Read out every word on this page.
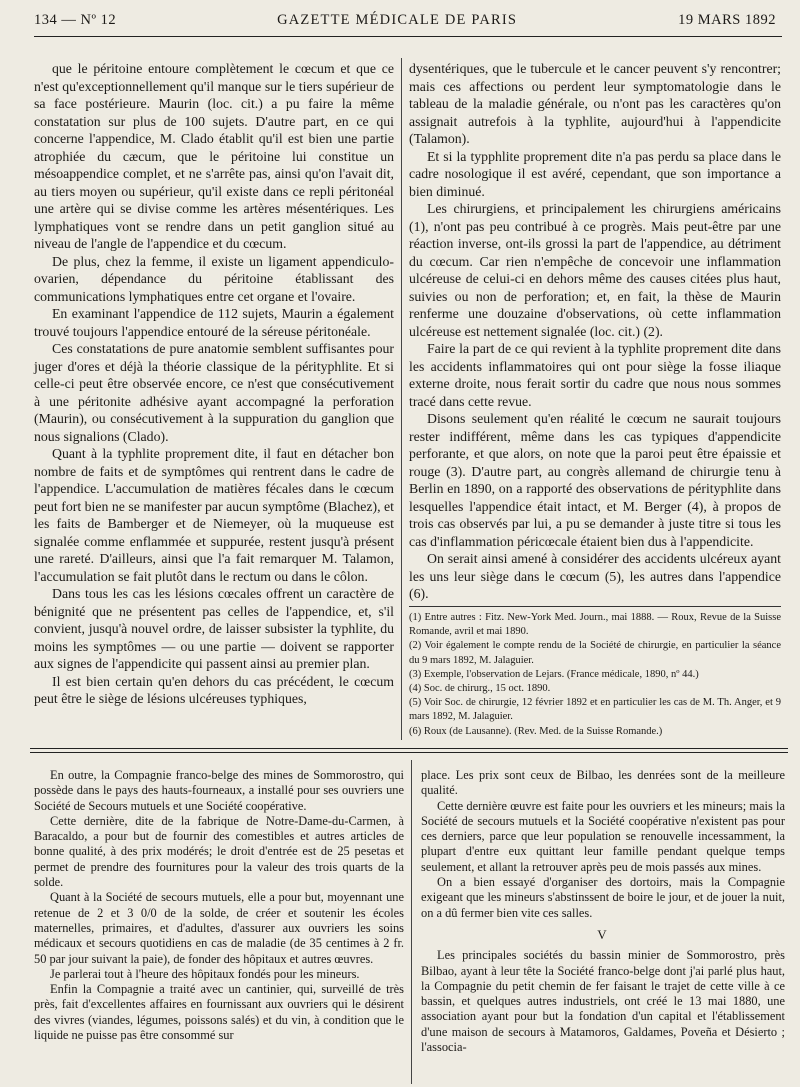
134 — Nº 12	GAZETTE MÉDICALE DE PARIS	19 MARS 1892

que le péritoine entoure complètement le cœcum et que ce n'est qu'exceptionnellement qu'il manque sur le tiers supérieur de sa face postérieure. Maurin (loc. cit.) a pu faire la même constatation sur plus de 100 sujets. D'autre part, en ce qui concerne l'appendice, M. Clado établit qu'il est bien une partie atrophiée du cæcum, que le péritoine lui constitue un mésoappendice complet, et ne s'arrête pas, ainsi qu'on l'avait dit, au tiers moyen ou supérieur, qu'il existe dans ce repli péritonéal une artère qui se divise comme les artères mésentériques. Les lymphatiques vont se rendre dans un petit ganglion situé au niveau de l'angle de l'appendice et du cœcum.

De plus, chez la femme, il existe un ligament appendiculo-ovarien, dépendance du péritoine établissant des communications lymphatiques entre cet organe et l'ovaire.

En examinant l'appendice de 112 sujets, Maurin a également trouvé toujours l'appendice entouré de la séreuse péritonéale.

Ces constatations de pure anatomie semblent suffisantes pour juger d'ores et déjà la théorie classique de la pérityphlite. Et si celle-ci peut être observée encore, ce n'est que consécutivement à une péritonite adhésive ayant accompagné la perforation (Maurin), ou consécutivement à la suppuration du ganglion que nous signalions (Clado).

Quant à la typhlite proprement dite, il faut en détacher bon nombre de faits et de symptômes qui rentrent dans le cadre de l'appendice. L'accumulation de matières fécales dans le cœcum peut fort bien ne se manifester par aucun symptôme (Blachez), et les faits de Bamberger et de Niemeyer, où la muqueuse est signalée comme enflammée et suppurée, restent jusqu'à présent une rareté. D'ailleurs, ainsi que l'a fait remarquer M. Talamon, l'accumulation se fait plutôt dans le rectum ou dans le côlon.

Dans tous les cas les lésions cœcales offrent un caractère de bénignité que ne présentent pas celles de l'appendice, et, s'il convient, jusqu'à nouvel ordre, de laisser subsister la typhlite, du moins les symptômes — ou une partie — doivent se rapporter aux signes de l'appendicite qui passent ainsi au premier plan.

Il est bien certain qu'en dehors du cas précédent, le cœcum peut être le siège de lésions ulcéreuses typhiques,

dysentériques, que le tubercule et le cancer peuvent s'y rencontrer; mais ces affections ou perdent leur symptomatologie dans le tableau de la maladie générale, ou n'ont pas les caractères qu'on assignait autrefois à la typhlite, aujourd'hui à l'appendicite (Talamon).

Et si la typphlite proprement dite n'a pas perdu sa place dans le cadre nosologique il est avéré, cependant, que son importance a bien diminué.

Les chirurgiens, et principalement les chirurgiens américains (1), n'ont pas peu contribué à ce progrès. Mais peut-être par une réaction inverse, ont-ils grossi la part de l'appendice, au détriment du cœcum. Car rien n'empêche de concevoir une inflammation ulcéreuse de celui-ci en dehors même des causes citées plus haut, suivies ou non de perforation; et, en fait, la thèse de Maurin renferme une douzaine d'observations, où cette inflammation ulcéreuse est nettement signalée (loc. cit.) (2).

Faire la part de ce qui revient à la typhlite proprement dite dans les accidents inflammatoires qui ont pour siège la fosse iliaque externe droite, nous ferait sortir du cadre que nous nous sommes tracé dans cette revue.

Disons seulement qu'en réalité le cœcum ne saurait toujours rester indifférent, même dans les cas typiques d'appendicite perforante, et que alors, on note que la paroi peut être épaissie et rouge (3). D'autre part, au congrès allemand de chirurgie tenu à Berlin en 1890, on a rapporté des observations de pérityphlite dans lesquelles l'appendice était intact, et M. Berger (4), à propos de trois cas observés par lui, a pu se demander à juste titre si tous les cas d'inflammation péricœcale étaient bien dus à l'appendicite.

On serait ainsi amené à considérer des accidents ulcéreux ayant les uns leur siège dans le cœcum (5), les autres dans l'appendice (6).

(1) Entre autres : Fitz. New-York Med. Journ., mai 1888. — Roux, Revue de la Suisse Romande, avril et mai 1890.

(2) Voir également le compte rendu de la Société de chirurgie, en particulier la séance du 9 mars 1892, M. Jalaguier.

(3) Exemple, l'observation de Lejars. (France médicale, 1890, nº 44.)

(4) Soc. de chirurg., 15 oct. 1890.

(5) Voir Soc. de chirurgie, 12 février 1892 et en particulier les cas de M. Th. Anger, et 9 mars 1892, M. Jalaguier.

(6) Roux (de Lausanne). (Rev. Med. de la Suisse Romande.)

En outre, la Compagnie franco-belge des mines de Sommorostro, qui possède dans le pays des hauts-fourneaux, a installé pour ses ouvriers une Société de Secours mutuels et une Société coopérative.

Cette dernière, dite de la fabrique de Notre-Dame-du-Carmen, à Baracaldo, a pour but de fournir des comestibles et autres articles de bonne qualité, à des prix modérés; le droit d'entrée est de 25 pesetas et permet de prendre des fournitures pour la valeur des trois quarts de la solde.

Quant à la Société de secours mutuels, elle a pour but, moyennant une retenue de 2 et 3 0/0 de la solde, de créer et soutenir les écoles maternelles, primaires, et d'adultes, d'assurer aux ouvriers les soins médicaux et secours quotidiens en cas de maladie (de 35 centimes à 2 fr. 50 par jour suivant la paie), de fonder des hôpitaux et autres œuvres.

Je parlerai tout à l'heure des hôpitaux fondés pour les mineurs.

Enfin la Compagnie a traité avec un cantinier, qui, surveillé de très près, fait d'excellentes affaires en fournissant aux ouvriers qui le désirent des vivres (viandes, légumes, poissons salés) et du vin, à condition que le liquide ne puisse pas être consommé sur

place. Les prix sont ceux de Bilbao, les denrées sont de la meilleure qualité.

Cette dernière œuvre est faite pour les ouvriers et les mineurs; mais la Société de secours mutuels et la Société coopérative n'existent pas pour ces derniers, parce que leur population se renouvelle incessamment, la plupart d'entre eux quittant leur famille pendant quelque temps seulement, et allant la retrouver après peu de mois passés aux mines.

On a bien essayé d'organiser des dortoirs, mais la Compagnie exigeant que les mineurs s'abstinssent de boire le jour, et de jouer la nuit, on a dû fermer bien vite ces salles.

V

Les principales sociétés du bassin minier de Sommorostro, près Bilbao, ayant à leur tête la Société franco-belge dont j'ai parlé plus haut, la Compagnie du petit chemin de fer faisant le trajet de cette ville à ce bassin, et quelques autres industriels, ont créé le 13 mai 1880, une association ayant pour but la fondation d'un capital et l'établissement d'une maison de secours à Matamoros, Galdames, Poveña et Désierto ; l'associa-
